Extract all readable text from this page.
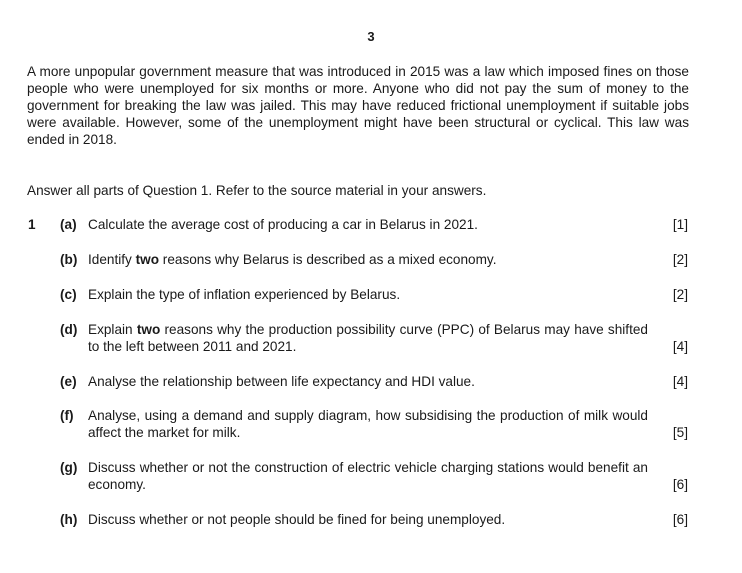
3
A more unpopular government measure that was introduced in 2015 was a law which imposed fines on those people who were unemployed for six months or more. Anyone who did not pay the sum of money to the government for breaking the law was jailed. This may have reduced frictional unemployment if suitable jobs were available. However, some of the unemployment might have been structural or cyclical. This law was ended in 2018.
Answer all parts of Question 1. Refer to the source material in your answers.
1 (a) Calculate the average cost of producing a car in Belarus in 2021.	[1]
(b) Identify two reasons why Belarus is described as a mixed economy.	[2]
(c) Explain the type of inflation experienced by Belarus.	[2]
(d) Explain two reasons why the production possibility curve (PPC) of Belarus may have shifted to the left between 2011 and 2021.	[4]
(e) Analyse the relationship between life expectancy and HDI value.	[4]
(f) Analyse, using a demand and supply diagram, how subsidising the production of milk would affect the market for milk.	[5]
(g) Discuss whether or not the construction of electric vehicle charging stations would benefit an economy.	[6]
(h) Discuss whether or not people should be fined for being unemployed.	[6]
